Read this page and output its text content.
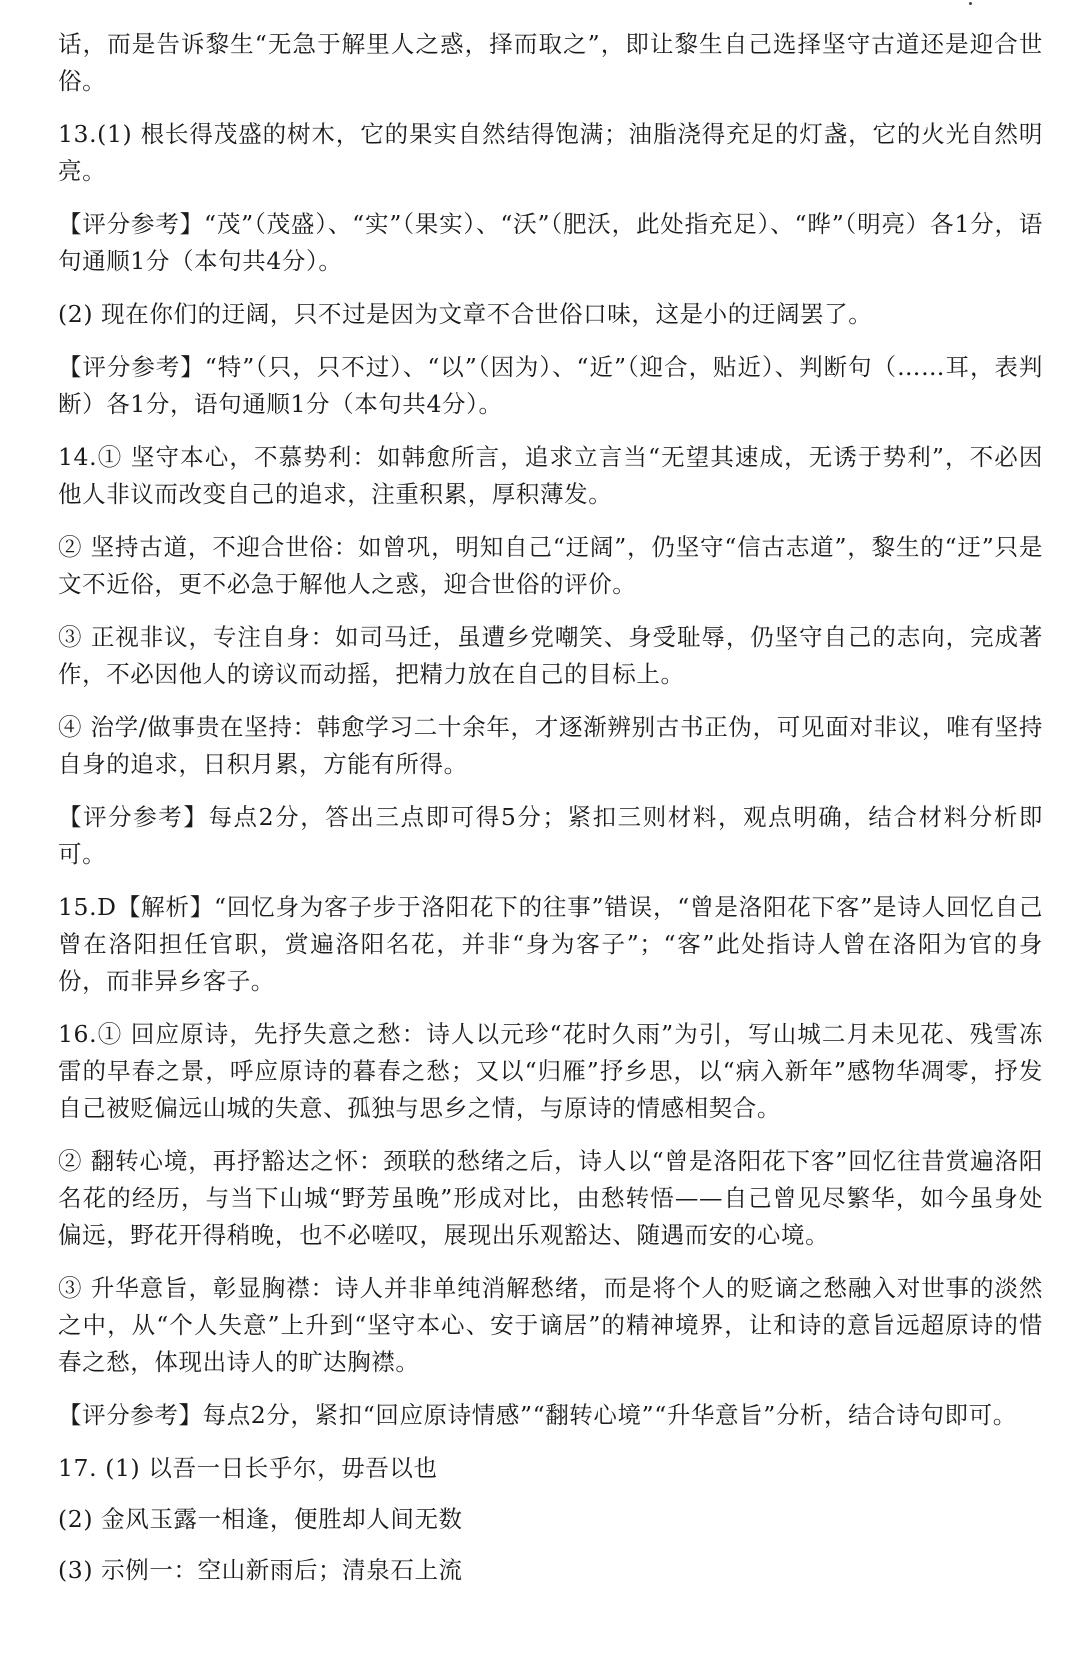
话，而是告诉黎生“无急于解里人之惑，择而取之”，即让黎生自己选择坚守古道还是迎合世俗。

13.(1) 根长得茂盛的树木，它的果实自然结得饱满；油脂浇得充足的灯盏，它的火光自然明亮。

【评分参考】“茂”（茂盛）、“实”（果实）、“沃”（肥沃，此处指充足）、“晔”（明亮）各1分，语句通顺1分（本句共4分）。

(2) 现在你们的迂阔，只不过是因为文章不合世俗口味，这是小的迂阔罢了。

【评分参考】“特”（只，只不过）、“以”（因为）、“近”（迎合，贴近）、判断句（……耳，表判断）各1分，语句通顺1分（本句共4分）。

14.① 坚守本心，不慕势利：如韩愈所言，追求立言当“无望其速成，无诱于势利”，不必因他人非议而改变自己的追求，注重积累，厚积薄发。

② 坚持古道，不迎合世俗：如曾巩，明知自己“迂阔”，仍坚守“信古志道”，黎生的“迂”只是文不近俗，更不必急于解他人之惑，迎合世俗的评价。

③ 正视非议，专注自身：如司马迁，虽遭乡党嘲笑、身受耻辱，仍坚守自己的志向，完成著作，不必因他人的谤议而动摇，把精力放在自己的目标上。

④ 治学/做事贵在坚持：韩愈学习二十余年，才逐渐辨别古书正伪，可见面对非议，唯有坚持自身的追求，日积月累，方能有所得。

【评分参考】每点2分，答出三点即可得5分；紧扣三则材料，观点明确，结合材料分析即可。

15.D【解析】“回忆身为客子步于洛阳花下的往事”错误，“曾是洛阳花下客”是诗人回忆自己曾在洛阳担任官职，赏遍洛阳名花，并非“身为客子”；“客”此处指诗人曾在洛阳为官的身份，而非异乡客子。

16.① 回应原诗，先抒失意之愁：诗人以元珍“花时久雨”为引，写山城二月未见花、残雪冻雷的早春之景，呼应原诗的暮春之愁；又以“归雁”抒乡思，以“病入新年”感物华凋零，抒发自己被贬偏远山城的失意、孤独与思乡之情，与原诗的情感相契合。

② 翻转心境，再抒豁达之怀：颈联的愁绪之后，诗人以“曾是洛阳花下客”回忆往昔赏遍洛阳名花的经历，与当下山城“野芳虽晚”形成对比，由愁转悟——自己曾见尽繁华，如今虽身处偏远，野花开得稍晚，也不必嗟叹，展现出乐观豁达、随遇而安的心境。

③ 升华意旨，彰显胸襟：诗人并非单纯消解愁绪，而是将个人的贬谪之愁融入对世事的淡然之中，从“个人失意”上升到“坚守本心、安于谪居”的精神境界，让和诗的意旨远超原诗的惜春之愁，体现出诗人的旷达胸襟。

【评分参考】每点2分，紧扣“回应原诗情感”“翻转心境”“升华意旨”分析，结合诗句即可。

17. (1) 以吾一日长乎尔，毋吾以也

(2) 金风玉露一相逢，便胜却人间无数

(3) 示例一：空山新雨后；清泉石上流
